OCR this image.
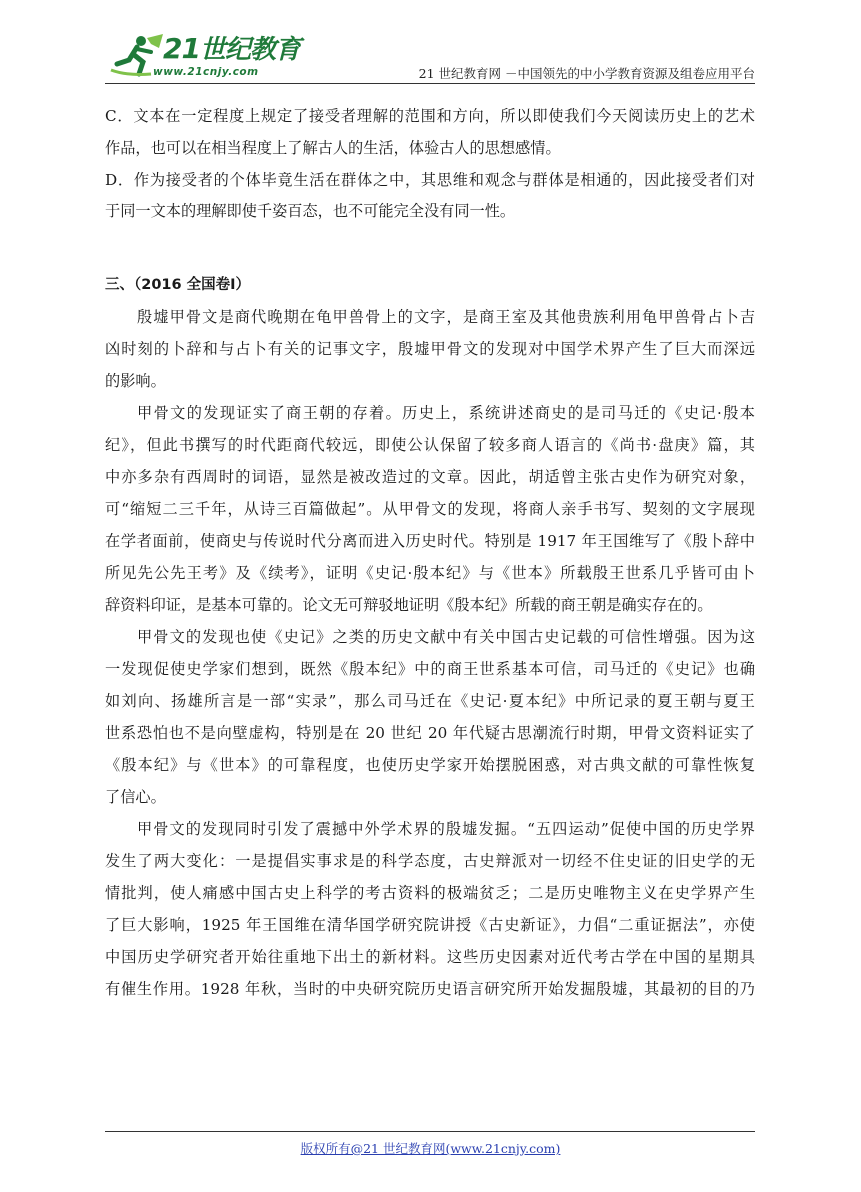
21世纪教育
www.21cnjy.com	21 世纪教育网 －中国领先的中小学教育资源及组卷应用平台
C．文本在一定程度上规定了接受者理解的范围和方向，所以即使我们今天阅读历史上的艺术
作品，也可以在相当程度上了解古人的生活，体验古人的思想感情。
D．作为接受者的个体毕竟生活在群体之中，其思维和观念与群体是相通的，因此接受者们对
于同一文本的理解即使千姿百态，也不可能完全没有同一性。
三、（2016 全国卷Ⅰ）
殷墟甲骨文是商代晚期在龟甲兽骨上的文字，是商王室及其他贵族利用龟甲兽骨占卜吉
凶时刻的卜辞和与占卜有关的记事文字，殷墟甲骨文的发现对中国学术界产生了巨大而深远
的影响。
甲骨文的发现证实了商王朝的存着。历史上，系统讲述商史的是司马迁的《史记·殷本
纪》，但此书撰写的时代距商代较远，即使公认保留了较多商人语言的《尚书·盘庚》篇，其
中亦多杂有西周时的词语，显然是被改造过的文章。因此，胡适曾主张古史作为研究对象，
可“缩短二三千年，从诗三百篇做起”。从甲骨文的发现，将商人亲手书写、契刻的文字展现
在学者面前，使商史与传说时代分离而进入历史时代。特别是 1917 年王国维写了《殷卜辞中
所见先公先王考》及《续考》，证明《史记·殷本纪》与《世本》所载殷王世系几乎皆可由卜
辞资料印证，是基本可靠的。论文无可辩驳地证明《殷本纪》所载的商王朝是确实存在的。
甲骨文的发现也使《史记》之类的历史文献中有关中国古史记载的可信性增强。因为这
一发现促使史学家们想到，既然《殷本纪》中的商王世系基本可信，司马迁的《史记》也确
如刘向、扬雄所言是一部“实录”，那么司马迁在《史记·夏本纪》中所记录的夏王朝与夏王
世系恐怕也不是向壁虚构，特别是在 20 世纪 20 年代疑古思潮流行时期，甲骨文资料证实了
《殷本纪》与《世本》的可靠程度，也使历史学家开始摆脱困惑，对古典文献的可靠性恢复
了信心。
甲骨文的发现同时引发了震撼中外学术界的殷墟发掘。“五四运动”促使中国的历史学界
发生了两大变化：一是提倡实事求是的科学态度，古史辩派对一切经不住史证的旧史学的无
情批判，使人痛感中国古史上科学的考古资料的极端贫乏；二是历史唯物主义在史学界产生
了巨大影响，1925 年王国维在清华国学研究院讲授《古史新证》，力倡“二重证据法”，亦使
中国历史学研究者开始往重地下出土的新材料。这些历史因素对近代考古学在中国的星期具
有催生作用。1928 年秋，当时的中央研究院历史语言研究所开始发掘殷墟，其最初的目的乃
版权所有@21 世纪教育网(www.21cnjy.com)
